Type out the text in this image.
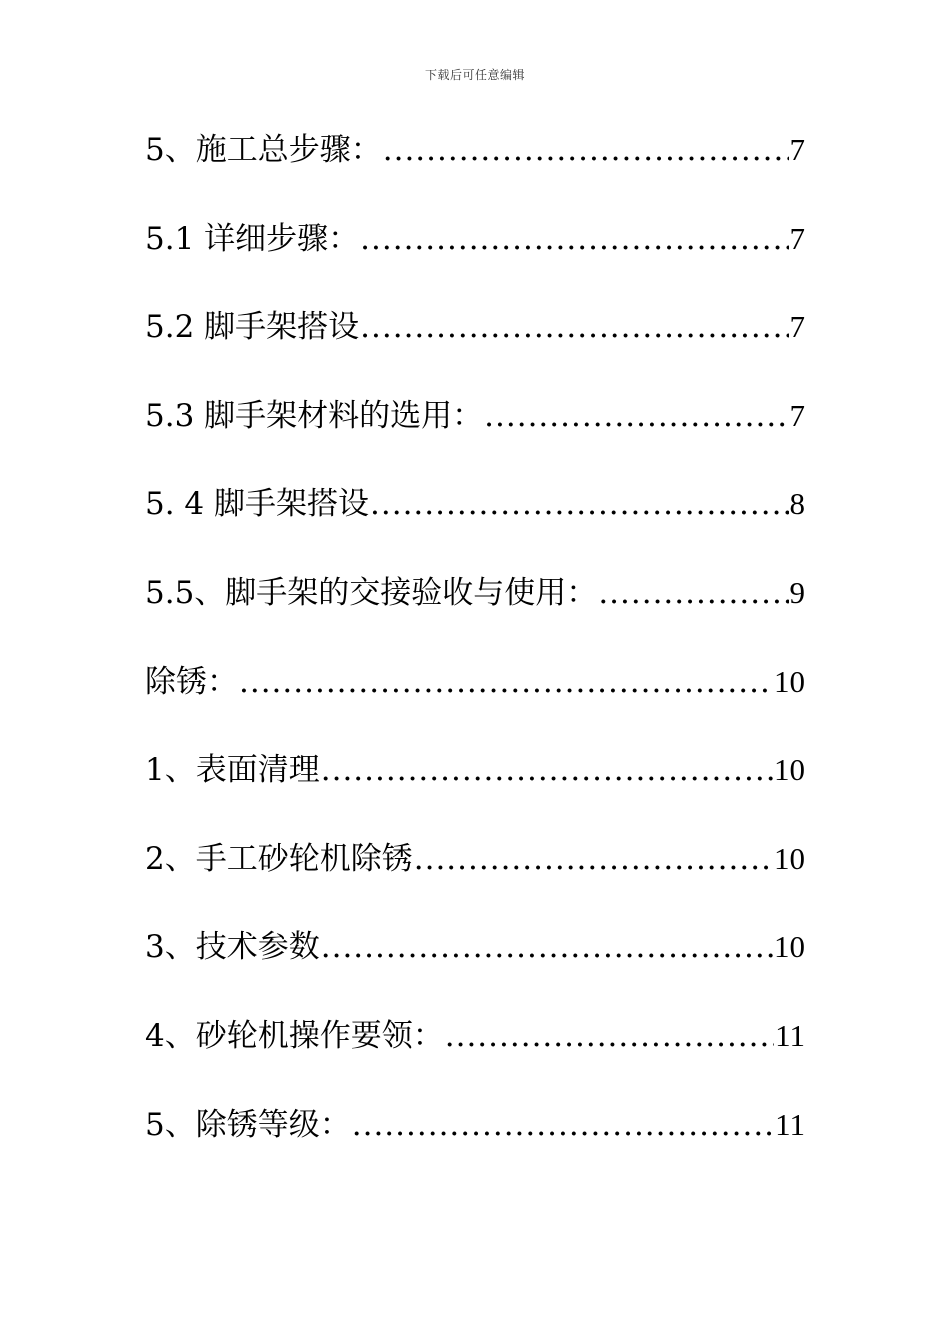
下载后可任意编辑
5、施工总步骤： .....	7
5.1 详细步骤： .....	7
5.2 脚手架搭设 .....	7
5.3 脚手架材料的选用： .....	7
5. 4 脚手架搭设 .....	8
5.5、脚手架的交接验收与使用： .....	9
除锈： .....	10
1、表面清理 .....	10
2、手工砂轮机除锈 .....	10
3、技术参数 .....	10
4、砂轮机操作要领： .....	11
5、除锈等级： .....	11
